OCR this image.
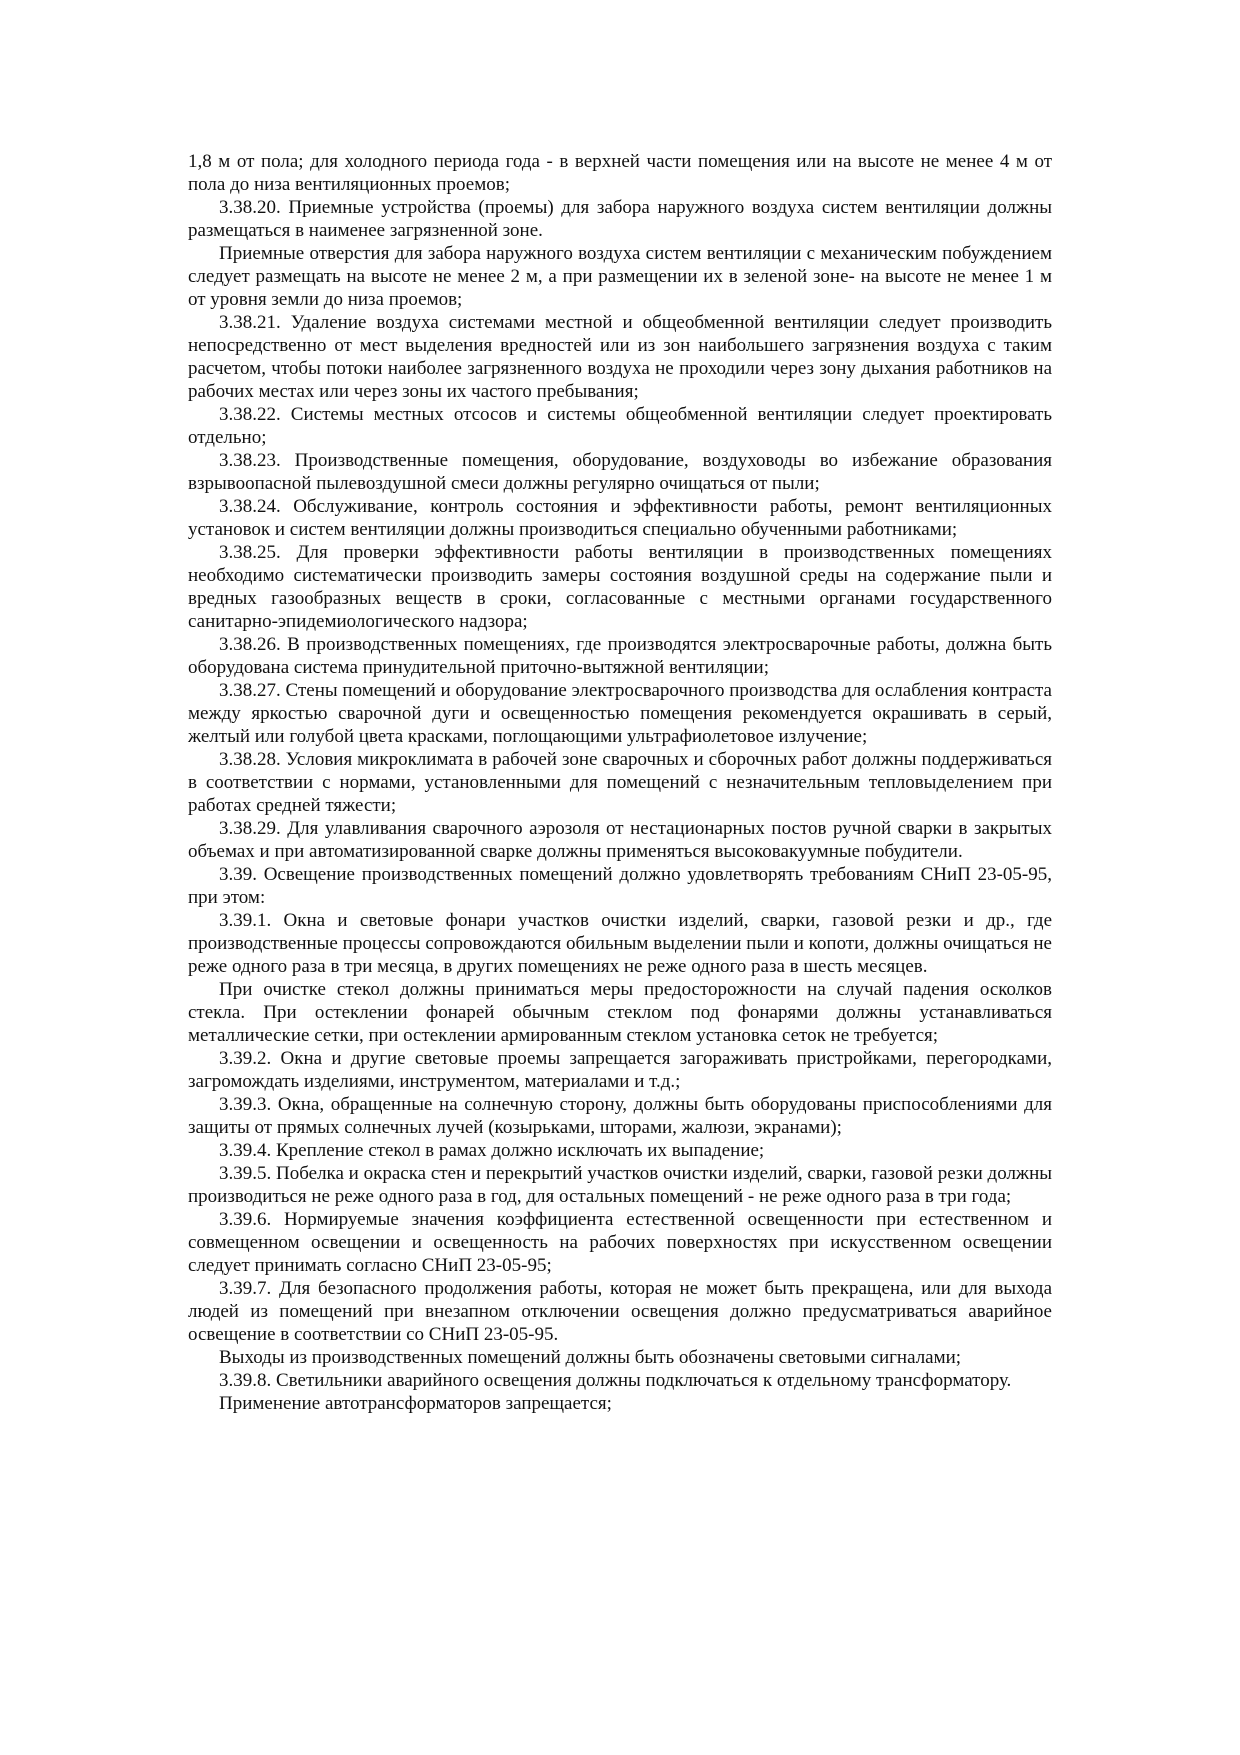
1,8 м от пола; для холодного периода года - в верхней части помещения или на высоте не менее 4 м от пола до низа вентиляционных проемов;

3.38.20. Приемные устройства (проемы) для забора наружного воздуха систем вентиляции должны размещаться в наименее загрязненной зоне.

Приемные отверстия для забора наружного воздуха систем вентиляции с механическим побуждением следует размещать на высоте не менее 2 м, а при размещении их в зеленой зоне- на высоте не менее 1 м от уровня земли до низа проемов;

3.38.21. Удаление воздуха системами местной и общеобменной вентиляции следует производить непосредственно от мест выделения вредностей или из зон наибольшего загрязнения воздуха с таким расчетом, чтобы потоки наиболее загрязненного воздуха не проходили через зону дыхания работников на рабочих местах или через зоны их частого пребывания;

3.38.22. Системы местных отсосов и системы общеобменной вентиляции следует проектировать отдельно;

3.38.23. Производственные помещения, оборудование, воздуховоды во избежание образования взрывоопасной пылевоздушной смеси должны регулярно очищаться от пыли;

3.38.24. Обслуживание, контроль состояния и эффективности работы, ремонт вентиляционных установок и систем вентиляции должны производиться специально обученными работниками;

3.38.25. Для проверки эффективности работы вентиляции в производственных помещениях необходимо систематически производить замеры состояния воздушной среды на содержание пыли и вредных газообразных веществ в сроки, согласованные с местными органами государственного санитарно-эпидемиологического надзора;

3.38.26. В производственных помещениях, где производятся электросварочные работы, должна быть оборудована система принудительной приточно-вытяжной вентиляции;

3.38.27. Стены помещений и оборудование электросварочного производства для ослабления контраста между яркостью сварочной дуги и освещенностью помещения рекомендуется окрашивать в серый, желтый или голубой цвета красками, поглощающими ультрафиолетовое излучение;

3.38.28. Условия микроклимата в рабочей зоне сварочных и сборочных работ должны поддерживаться в соответствии с нормами, установленными для помещений с незначительным тепловыделением при работах средней тяжести;

3.38.29. Для улавливания сварочного аэрозоля от нестационарных постов ручной сварки в закрытых объемах и при автоматизированной сварке должны применяться высоковакуумные побудители.

3.39. Освещение производственных помещений должно удовлетворять требованиям СНиП 23-05-95, при этом:

3.39.1. Окна и световые фонари участков очистки изделий, сварки, газовой резки и др., где производственные процессы сопровождаются обильным выделении пыли и копоти, должны очищаться не реже одного раза в три месяца, в других помещениях не реже одного раза в шесть месяцев.

При очистке стекол должны приниматься меры предосторожности на случай падения осколков стекла. При остеклении фонарей обычным стеклом под фонарями должны устанавливаться металлические сетки, при остеклении армированным стеклом установка сеток не требуется;

3.39.2. Окна и другие световые проемы запрещается загораживать пристройками, перегородками, загромождать изделиями, инструментом, материалами и т.д.;

3.39.3. Окна, обращенные на солнечную сторону, должны быть оборудованы приспособлениями для защиты от прямых солнечных лучей (козырьками, шторами, жалюзи, экранами);

3.39.4. Крепление стекол в рамах должно исключать их выпадение;

3.39.5. Побелка и окраска стен и перекрытий участков очистки изделий, сварки, газовой резки должны производиться не реже одного раза в год, для остальных помещений - не реже одного раза в три года;

3.39.6. Нормируемые значения коэффициента естественной освещенности при естественном и совмещенном освещении и освещенность на рабочих поверхностях при искусственном освещении следует принимать согласно СНиП 23-05-95;

3.39.7. Для безопасного продолжения работы, которая не может быть прекращена, или для выхода людей из помещений при внезапном отключении освещения должно предусматриваться аварийное освещение в соответствии со СНиП 23-05-95.

Выходы из производственных помещений должны быть обозначены световыми сигналами;

3.39.8. Светильники аварийного освещения должны подключаться к отдельному трансформатору.

Применение автотрансформаторов запрещается;
